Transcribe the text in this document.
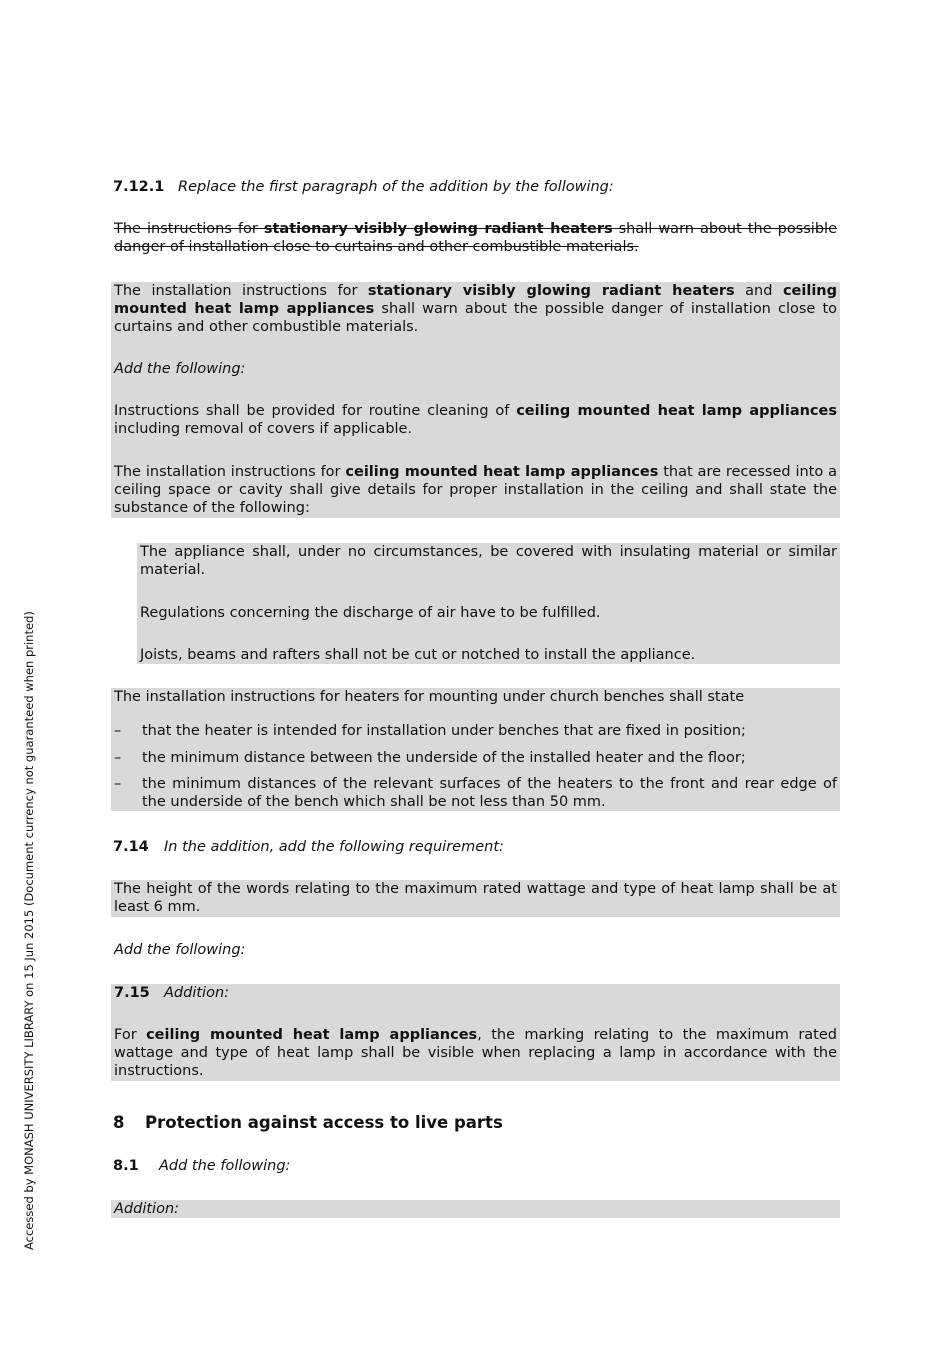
Accessed by MONASH UNIVERSITY LIBRARY on 15 Jun 2015 (Document currency not guaranteed when printed)
7.12.1 Replace the first paragraph of the addition by the following:
The instructions for stationary visibly glowing radiant heaters shall warn about the possible danger of installation close to curtains and other combustible materials.
The installation instructions for stationary visibly glowing radiant heaters and ceiling mounted heat lamp appliances shall warn about the possible danger of installation close to curtains and other combustible materials.
Add the following:
Instructions shall be provided for routine cleaning of ceiling mounted heat lamp appliances including removal of covers if applicable.
The installation instructions for ceiling mounted heat lamp appliances that are recessed into a ceiling space or cavity shall give details for proper installation in the ceiling and shall state the substance of the following:
The appliance shall, under no circumstances, be covered with insulating material or similar material.
Regulations concerning the discharge of air have to be fulfilled.
Joists, beams and rafters shall not be cut or notched to install the appliance.
The installation instructions for heaters for mounting under church benches shall state
– that the heater is intended for installation under benches that are fixed in position;
– the minimum distance between the underside of the installed heater and the floor;
– the minimum distances of the relevant surfaces of the heaters to the front and rear edge of the underside of the bench which shall be not less than 50 mm.
7.14 In the addition, add the following requirement:
The height of the words relating to the maximum rated wattage and type of heat lamp shall be at least 6 mm.
Add the following:
7.15 Addition:
For ceiling mounted heat lamp appliances, the marking relating to the maximum rated wattage and type of heat lamp shall be visible when replacing a lamp in accordance with the instructions.
8 Protection against access to live parts
8.1 Add the following:
Addition:
